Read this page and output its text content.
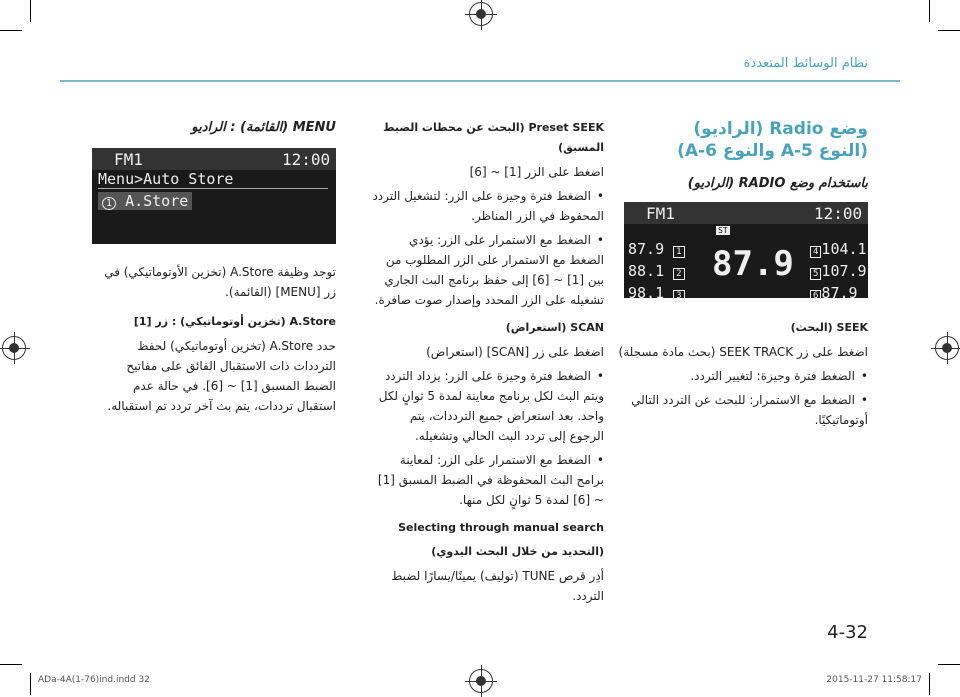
نظام الوسائط المتعددة
وضع Radio (الراديو)
(النوع 5-A والنوع 6-A)
باستخدام وضع RADIO (الراديو)
FM1	12:00
ST
87.9 1
88.1 2
98.1 3
87.9	4 104.1
5 107.9
6 87.9

SEEK (البحث)

اضغط على زر SEEK TRACK (بحث مادة مسجلة)

• الضغط فترة وجيزة: لتغيير التردد.

• الضغط مع الاستمرار: للبحث عن التردد التالي أوتوماتيكيًا.

Preset SEEK (البحث عن محطات الضبط المسبق)

اضغط على الزر [1] ~ [6]

• الضغط فترة وجيزة على الزر: لتشغيل التردد المحفوظ في الزر المناظر.

• الضغط مع الاستمرار على الزر: يؤدي الضغط مع الاستمرار على الزر المطلوب من بين [1] ~ [6] إلى حفظ برنامج البث الجاري تشغيله على الزر المحدد وإصدار صوت صافرة.

SCAN (استعراض)

اضغط على زر [SCAN] (استعراض)

• الضغط فترة وجيزة على الزر: يزداد التردد ويتم البث لكل برنامج معاينة لمدة 5 ثوانٍ لكل واحد. بعد استعراض جميع الترددات، يتم الرجوع إلى تردد البث الحالي وتشغيله.

• الضغط مع الاستمرار على الزر: لمعاينة برامج البث المحفوظة في الضبط المسبق [1] ~ [6] لمدة 5 ثوانٍ لكل منها.

Selecting through manual search

(التحديد من خلال البحث اليدوي)

أدِر قرص TUNE (توليف) يمينًا/يسارًا لضبط التردد.

MENU (القائمة) : الراديو
FM1	12:00
Menu>Auto Store
1 A.Store

توجد وظيفة A.Store (تخزين الأوتوماتيكي) في زر [MENU] (القائمة).

A.Store (تخزين أوتوماتيكي) : زر [1]

حدد A.Store (تخزين أوتوماتيكي) لحفظ الترددات ذات الاستقبال الفائق على مفاتيح الضبط المسبق [1] ~ [6]. في حالة عدم استقبال ترددات، يتم بث آخر تردد تم استقباله.

4-32
ADa-4A(1-76)ind.indd 32	2015-11-27 11:58:17
